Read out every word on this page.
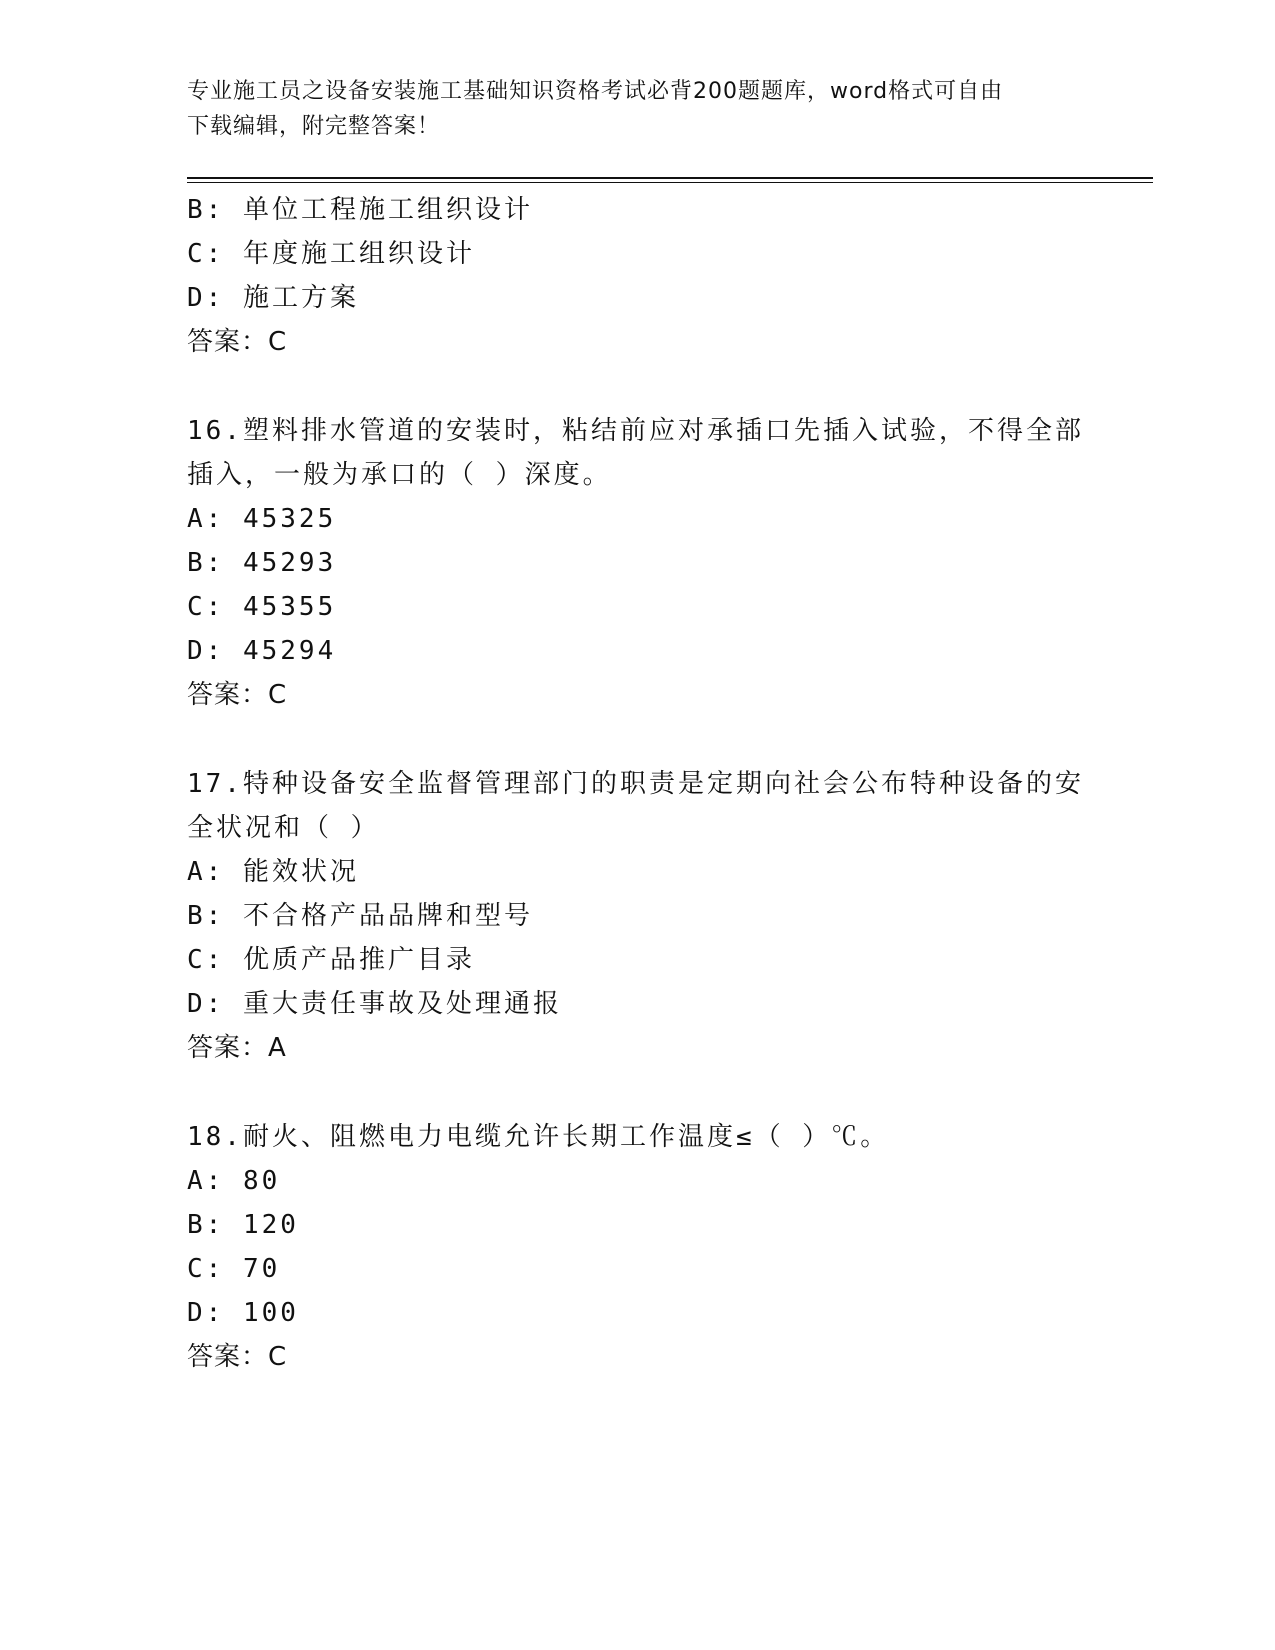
专业施工员之设备安装施工基础知识资格考试必背200题题库，word格式可自由
下载编辑，附完整答案！
B: 单位工程施工组织设计
C: 年度施工组织设计
D: 施工方案
答案：C
16.塑料排水管道的安装时，粘结前应对承插口先插入试验，不得全部
插入，一般为承口的（ ）深度。
A: 45325
B: 45293
C: 45355
D: 45294
答案：C
17.特种设备安全监督管理部门的职责是定期向社会公布特种设备的安
全状况和（ ）
A: 能效状况
B: 不合格产品品牌和型号
C: 优质产品推广目录
D: 重大责任事故及处理通报
答案：A
18.耐火、阻燃电力电缆允许长期工作温度≤（ ）℃。
A: 80
B: 120
C: 70
D: 100
答案：C
